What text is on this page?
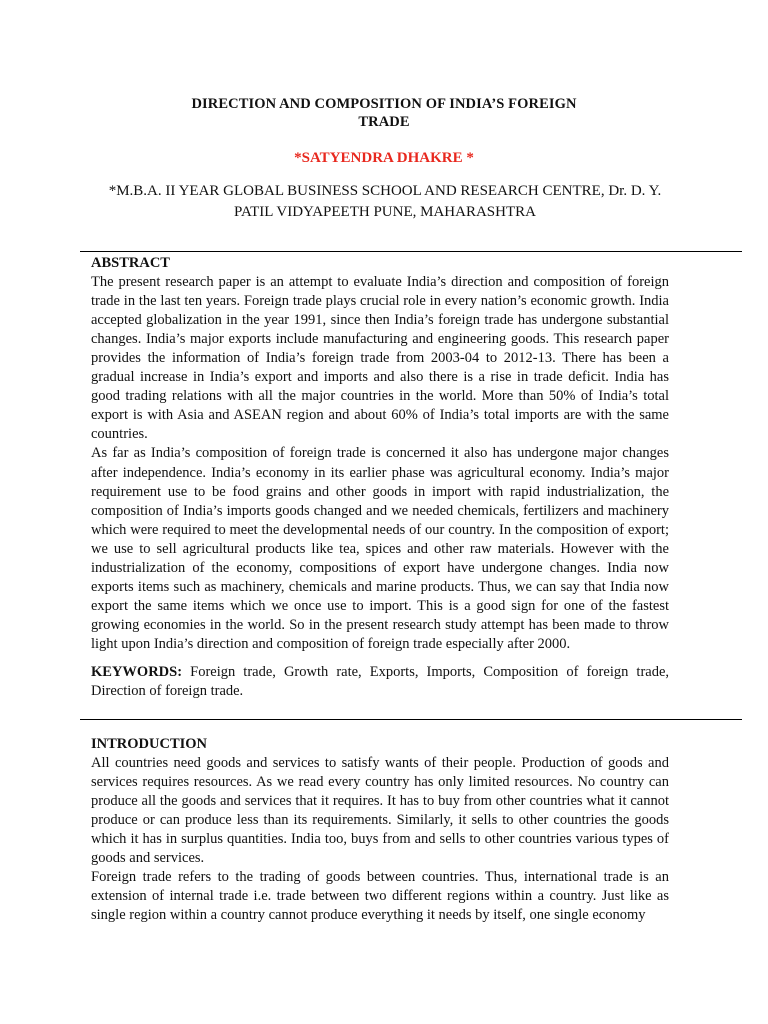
DIRECTION AND COMPOSITION OF INDIA’S FOREIGN
TRADE
*SATYENDRA DHAKRE *
*M.B.A. II YEAR GLOBAL BUSINESS SCHOOL AND RESEARCH CENTRE, Dr. D. Y.
PATIL VIDYAPEETH PUNE, MAHARASHTRA
ABSTRACT

The present research paper is an attempt to evaluate India’s direction and composition of foreign trade in the last ten years. Foreign trade plays crucial role in every nation’s economic growth. India accepted globalization in the year 1991, since then India’s foreign trade has undergone substantial changes. India’s major exports include manufacturing and engineering goods. This research paper provides the information of India’s foreign trade from 2003-04 to 2012-13. There has been a gradual increase in India’s export and imports and also there is a rise in trade deficit. India has good trading relations with all the major countries in the world. More than 50% of India’s total export is with Asia and ASEAN region and about 60% of India’s total imports are with the same countries.

As far as India’s composition of foreign trade is concerned it also has undergone major changes after independence. India’s economy in its earlier phase was agricultural economy. India’s major requirement use to be food grains and other goods in import with rapid industrialization, the composition of India’s imports goods changed and we needed chemicals, fertilizers and machinery which were required to meet the developmental needs of our country. In the composition of export; we use to sell agricultural products like tea, spices and other raw materials. However with the industrialization of the economy, compositions of export have undergone changes. India now exports items such as machinery, chemicals and marine products. Thus, we can say that India now export the same items which we once use to import. This is a good sign for one of the fastest growing economies in the world. So in the present research study attempt has been made to throw light upon India’s direction and composition of foreign trade especially after 2000.

KEYWORDS: Foreign trade, Growth rate, Exports, Imports, Composition of foreign trade, Direction of foreign trade.

INTRODUCTION

All countries need goods and services to satisfy wants of their people. Production of goods and services requires resources. As we read every country has only limited resources. No country can produce all the goods and services that it requires. It has to buy from other countries what it cannot produce or can produce less than its requirements. Similarly, it sells to other countries the goods which it has in surplus quantities. India too, buys from and sells to other countries various types of goods and services.

Foreign trade refers to the trading of goods between countries. Thus, international trade is an extension of internal trade i.e. trade between two different regions within a country. Just like as single region within a country cannot produce everything it needs by itself, one single economy
